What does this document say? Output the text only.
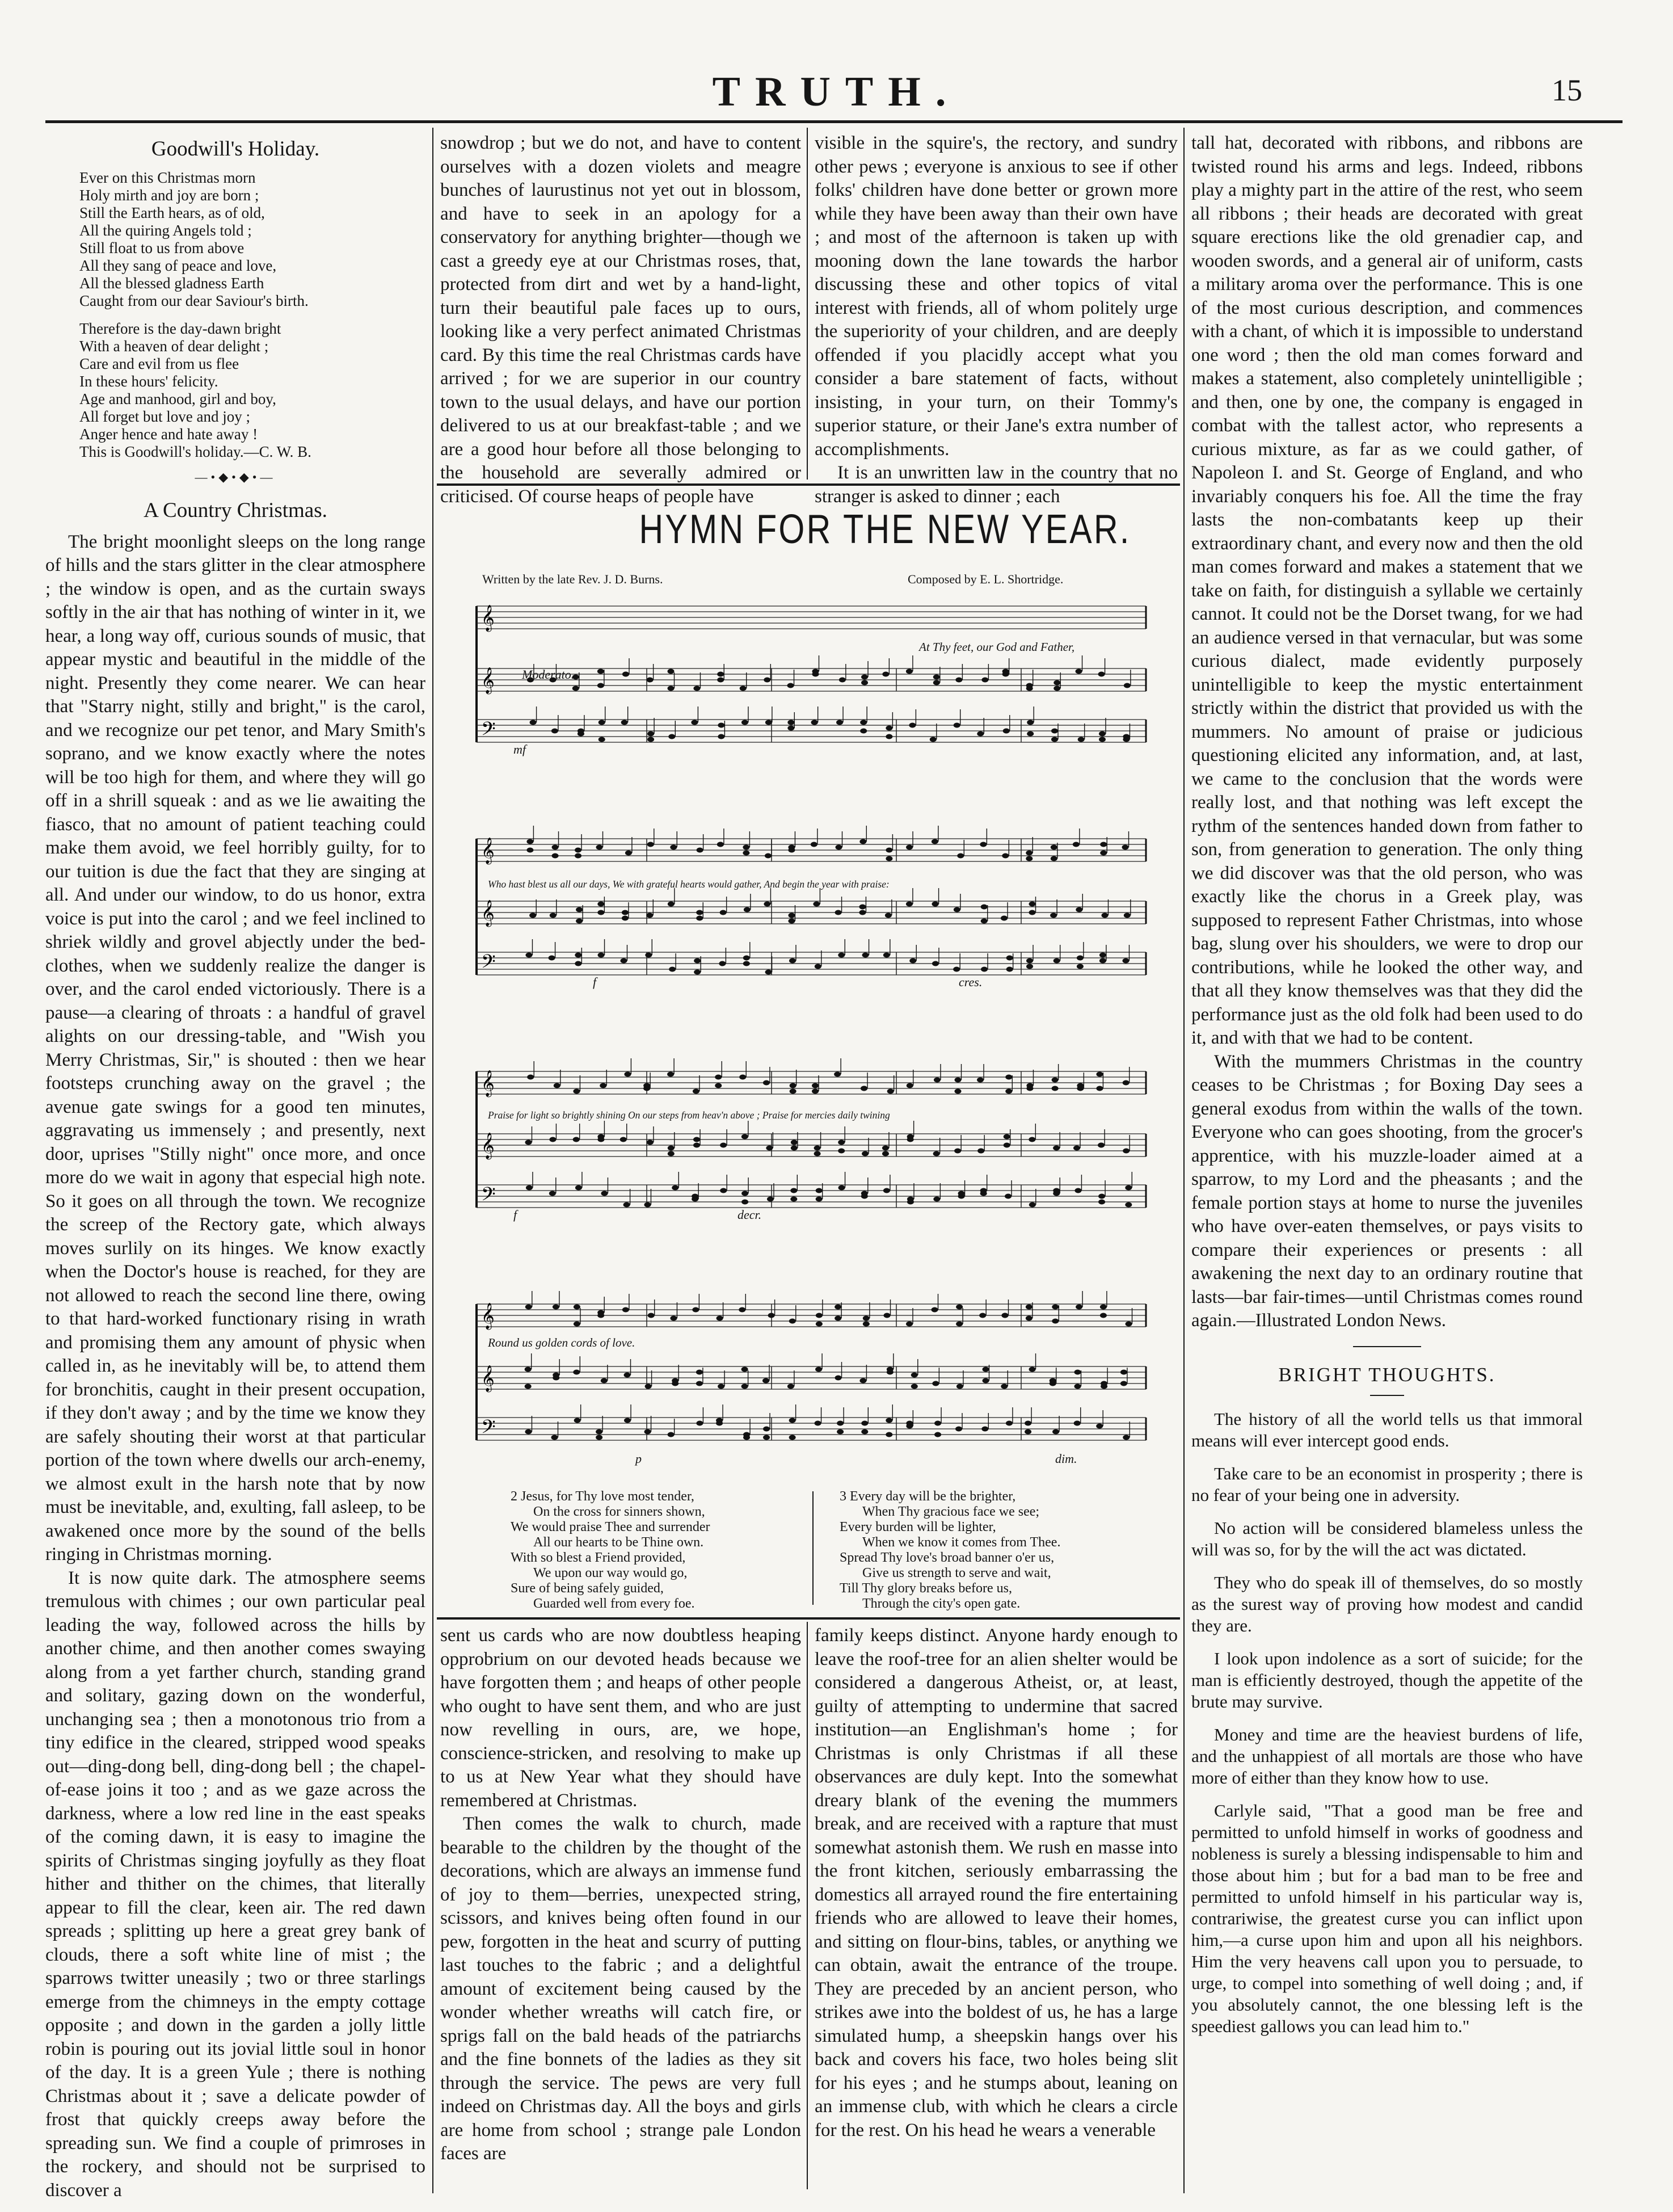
TRUTH.	15
Goodwill's Holiday.
Ever on this Christmas morn
Holy mirth and joy are born ;
Still the Earth hears, as of old,
All the quiring Angels told ;
Still float to us from above
All they sang of peace and love,
All the blessed gladness Earth
Caught from our dear Saviour's birth.
Therefore is the day-dawn bright
With a heaven of dear delight ;
Care and evil from us flee
In these hours' felicity.
Age and manhood, girl and boy,
All forget but love and joy ;
Anger hence and hate away !
This is Goodwill's holiday.—C. W. B.
—•◆•◆•—
A Country Christmas.

The bright moonlight sleeps on the long range of hills and the stars glitter in the clear atmosphere ; the window is open, and as the curtain sways softly in the air that has nothing of winter in it, we hear, a long way off, curious sounds of music, that appear mystic and beautiful in the middle of the night. Presently they come nearer. We can hear that "Starry night, stilly and bright," is the carol, and we recognize our pet tenor, and Mary Smith's soprano, and we know exactly where the notes will be too high for them, and where they will go off in a shrill squeak : and as we lie awaiting the fiasco, that no amount of patient teaching could make them avoid, we feel horribly guilty, for to our tuition is due the fact that they are singing at all. And under our window, to do us honor, extra voice is put into the carol ; and we feel inclined to shriek wildly and grovel abjectly under the bed-clothes, when we suddenly realize the danger is over, and the carol ended victoriously. There is a pause—a clearing of throats : a handful of gravel alights on our dressing-table, and "Wish you Merry Christmas, Sir," is shouted : then we hear footsteps crunching away on the gravel ; the avenue gate swings for a good ten minutes, aggravating us immensely ; and presently, next door, uprises "Stilly night" once more, and once more do we wait in agony that especial high note. So it goes on all through the town. We recognize the screep of the Rectory gate, which always moves surlily on its hinges. We know exactly when the Doctor's house is reached, for they are not allowed to reach the second line there, owing to that hard-worked functionary rising in wrath and promising them any amount of physic when called in, as he inevitably will be, to attend them for bronchitis, caught in their present occupation, if they don't away ; and by the time we know they are safely shouting their worst at that particular portion of the town where dwells our arch-enemy, we almost exult in the harsh note that by now must be inevitable, and, exulting, fall asleep, to be awakened once more by the sound of the bells ringing in Christmas morning.

It is now quite dark. The atmosphere seems tremulous with chimes ; our own particular peal leading the way, followed across the hills by another chime, and then another comes swaying along from a yet farther church, standing grand and solitary, gazing down on the wonderful, unchanging sea ; then a monotonous trio from a tiny edifice in the cleared, stripped wood speaks out—ding-dong bell, ding-dong bell ; the chapel-of-ease joins it too ; and as we gaze across the darkness, where a low red line in the east speaks of the coming dawn, it is easy to imagine the spirits of Christmas singing joyfully as they float hither and thither on the chimes, that literally appear to fill the clear, keen air. The red dawn spreads ; splitting up here a great grey bank of clouds, there a soft white line of mist ; the sparrows twitter uneasily ; two or three starlings emerge from the chimneys in the empty cottage opposite ; and down in the garden a jolly little robin is pouring out its jovial little soul in honor of the day. It is a green Yule ; there is nothing Christmas about it ; save a delicate powder of frost that quickly creeps away before the spreading sun. We find a couple of primroses in the rockery, and should not be surprised to discover a

snowdrop ; but we do not, and have to content ourselves with a dozen violets and meagre bunches of laurustinus not yet out in blossom, and have to seek in an apology for a conservatory for anything brighter—though we cast a greedy eye at our Christmas roses, that, protected from dirt and wet by a hand-light, turn their beautiful pale faces up to ours, looking like a very perfect animated Christmas card. By this time the real Christmas cards have arrived ; for we are superior in our country town to the usual delays, and have our portion delivered to us at our breakfast-table ; and we are a good hour before all those belonging to the household are severally admired or criticised. Of course heaps of people have

visible in the squire's, the rectory, and sundry other pews ; everyone is anxious to see if other folks' children have done better or grown more while they have been away than their own have ; and most of the afternoon is taken up with mooning down the lane towards the harbor discussing these and other topics of vital interest with friends, all of whom politely urge the superiority of your children, and are deeply offended if you placidly accept what you consider a bare statement of facts, without insisting, in your turn, on their Tommy's superior stature, or their Jane's extra number of accomplishments.

It is an unwritten law in the country that no stranger is asked to dinner ; each

HYMN FOR THE NEW YEAR.
Written by the late Rev. J. D. Burns.	Composed by E. L. Shortridge.
𝄞
𝄞
𝄢
𝄞
𝄞
𝄢
𝄞
𝄞
𝄢
𝄞
𝄞
𝄢
Moderato.
At Thy feet, our God and Father,
Who hast blest us all our days, We with grateful hearts would gather, And begin the year with praise:
Praise for light so brightly shining On our steps from heav'n above ; Praise for mercies daily twining
Round us golden cords of love.
mf
f	cres.
f	decr.
p	dim.
2 Jesus, for Thy love most tender,
On the cross for sinners shown,
We would praise Thee and surrender
All our hearts to be Thine own.
With so blest a Friend provided,
We upon our way would go,
Sure of being safely guided,
Guarded well from every foe.
3 Every day will be the brighter,
When Thy gracious face we see;
Every burden will be lighter,
When we know it comes from Thee.
Spread Thy love's broad banner o'er us,
Give us strength to serve and wait,
Till Thy glory breaks before us,
Through the city's open gate.

sent us cards who are now doubtless heaping opprobrium on our devoted heads because we have forgotten them ; and heaps of other people who ought to have sent them, and who are just now revelling in ours, are, we hope, conscience-stricken, and resolving to make up to us at New Year what they should have remembered at Christmas.

Then comes the walk to church, made bearable to the children by the thought of the decorations, which are always an immense fund of joy to them—berries, unexpected string, scissors, and knives being often found in our pew, forgotten in the heat and scurry of putting last touches to the fabric ; and a delightful amount of excitement being caused by the wonder whether wreaths will catch fire, or sprigs fall on the bald heads of the patriarchs and the fine bonnets of the ladies as they sit through the service. The pews are very full indeed on Christmas day. All the boys and girls are home from school ; strange pale London faces are

family keeps distinct. Anyone hardy enough to leave the roof-tree for an alien shelter would be considered a dangerous Atheist, or, at least, guilty of attempting to undermine that sacred institution—an Englishman's home ; for Christmas is only Christmas if all these observances are duly kept. Into the somewhat dreary blank of the evening the mummers break, and are received with a rapture that must somewhat astonish them. We rush en masse into the front kitchen, seriously embarrassing the domestics all arrayed round the fire entertaining friends who are allowed to leave their homes, and sitting on flour-bins, tables, or anything we can obtain, await the entrance of the troupe. They are preceded by an ancient person, who strikes awe into the boldest of us, he has a large simulated hump, a sheepskin hangs over his back and covers his face, two holes being slit for his eyes ; and he stumps about, leaning on an immense club, with which he clears a circle for the rest. On his head he wears a venerable

tall hat, decorated with ribbons, and ribbons are twisted round his arms and legs. Indeed, ribbons play a mighty part in the attire of the rest, who seem all ribbons ; their heads are decorated with great square erections like the old grenadier cap, and wooden swords, and a general air of uniform, casts a military aroma over the performance. This is one of the most curious description, and commences with a chant, of which it is impossible to understand one word ; then the old man comes forward and makes a statement, also completely unintelligible ; and then, one by one, the company is engaged in combat with the tallest actor, who represents a curious mixture, as far as we could gather, of Napoleon I. and St. George of England, and who invariably conquers his foe. All the time the fray lasts the non-combatants keep up their extraordinary chant, and every now and then the old man comes forward and makes a statement that we take on faith, for distinguish a syllable we certainly cannot. It could not be the Dorset twang, for we had an audience versed in that vernacular, but was some curious dialect, made evidently purposely unintelligible to keep the mystic entertainment strictly within the district that provided us with the mummers. No amount of praise or judicious questioning elicited any information, and, at last, we came to the conclusion that the words were really lost, and that nothing was left except the rythm of the sentences handed down from father to son, from generation to generation. The only thing we did discover was that the old person, who was exactly like the chorus in a Greek play, was supposed to represent Father Christmas, into whose bag, slung over his shoulders, we were to drop our contributions, while he looked the other way, and that all they know themselves was that they did the performance just as the old folk had been used to do it, and with that we had to be content.

With the mummers Christmas in the country ceases to be Christmas ; for Boxing Day sees a general exodus from within the walls of the town. Everyone who can goes shooting, from the grocer's apprentice, with his muzzle-loader aimed at a sparrow, to my Lord and the pheasants ; and the female portion stays at home to nurse the juveniles who have over-eaten themselves, or pays visits to compare their experiences or presents : all awakening the next day to an ordinary routine that lasts—bar fair-times—until Christmas comes round again.—Illustrated London News.

BRIGHT THOUGHTS.

The history of all the world tells us that immoral means will ever intercept good ends.

Take care to be an economist in prosperity ; there is no fear of your being one in adversity.

No action will be considered blameless unless the will was so, for by the will the act was dictated.

They who do speak ill of themselves, do so mostly as the surest way of proving how modest and candid they are.

I look upon indolence as a sort of suicide; for the man is efficiently destroyed, though the appetite of the brute may survive.

Money and time are the heaviest burdens of life, and the unhappiest of all mortals are those who have more of either than they know how to use.

Carlyle said, "That a good man be free and permitted to unfold himself in works of goodness and nobleness is surely a blessing indispensable to him and those about him ; but for a bad man to be free and permitted to unfold himself in his particular way is, contrariwise, the greatest curse you can inflict upon him,—a curse upon him and upon all his neighbors. Him the very heavens call upon you to persuade, to urge, to compel into something of well doing ; and, if you absolutely cannot, the one blessing left is the speediest gallows you can lead him to."
